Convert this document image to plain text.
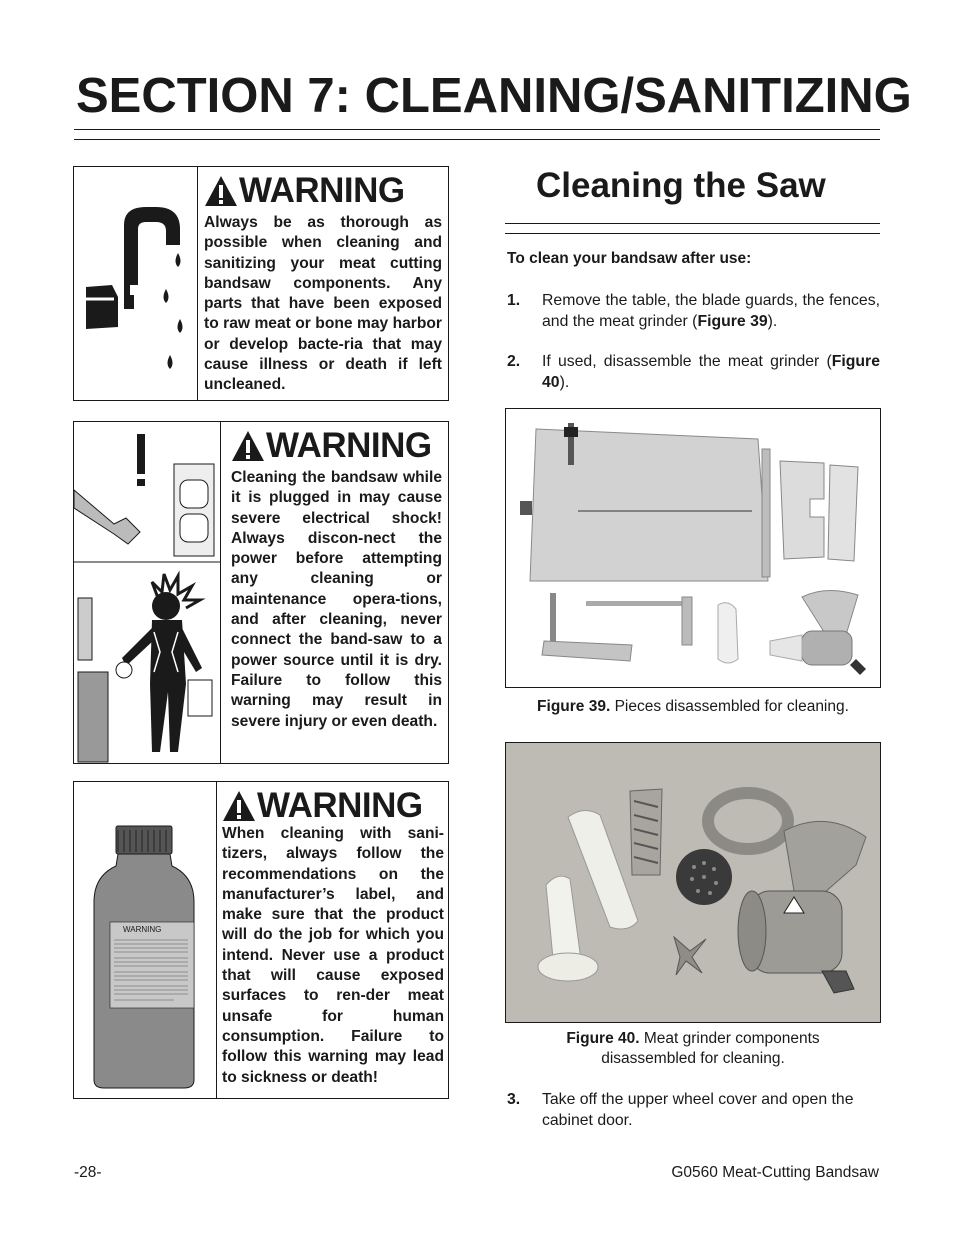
SECTION 7: CLEANING/SANITIZING
WARNING
Always be as thorough as possible when cleaning and sanitizing your meat cutting bandsaw components. Any parts that have been exposed to raw meat or bone may harbor or develop bacte-ria that may cause illness or death if left uncleaned.
WARNING
Cleaning the bandsaw while it is plugged in may cause severe electrical shock! Always discon-nect the power before attempting any cleaning or maintenance opera-tions, and after cleaning, never connect the band-saw to a power source until it is dry. Failure to follow this warning may result in severe injury or even death.
WARNING
WARNING
When cleaning with sani-tizers, always follow the recommendations on the manufacturer’s label, and make sure that the product will do the job for which you intend. Never use a product that will cause exposed surfaces to ren-der meat unsafe for human consumption. Failure to follow this warning may lead to sickness or death!
Cleaning the Saw
To clean your bandsaw after use:
1. Remove the table, the blade guards, the fences, and the meat grinder (Figure 39).
2. If used, disassemble the meat grinder (Figure 40).
Figure 39. Pieces disassembled for cleaning.
Figure 40. Meat grinder components
disassembled for cleaning.
3. Take off the upper wheel cover and open the cabinet door.
-28-	G0560 Meat-Cutting Bandsaw
